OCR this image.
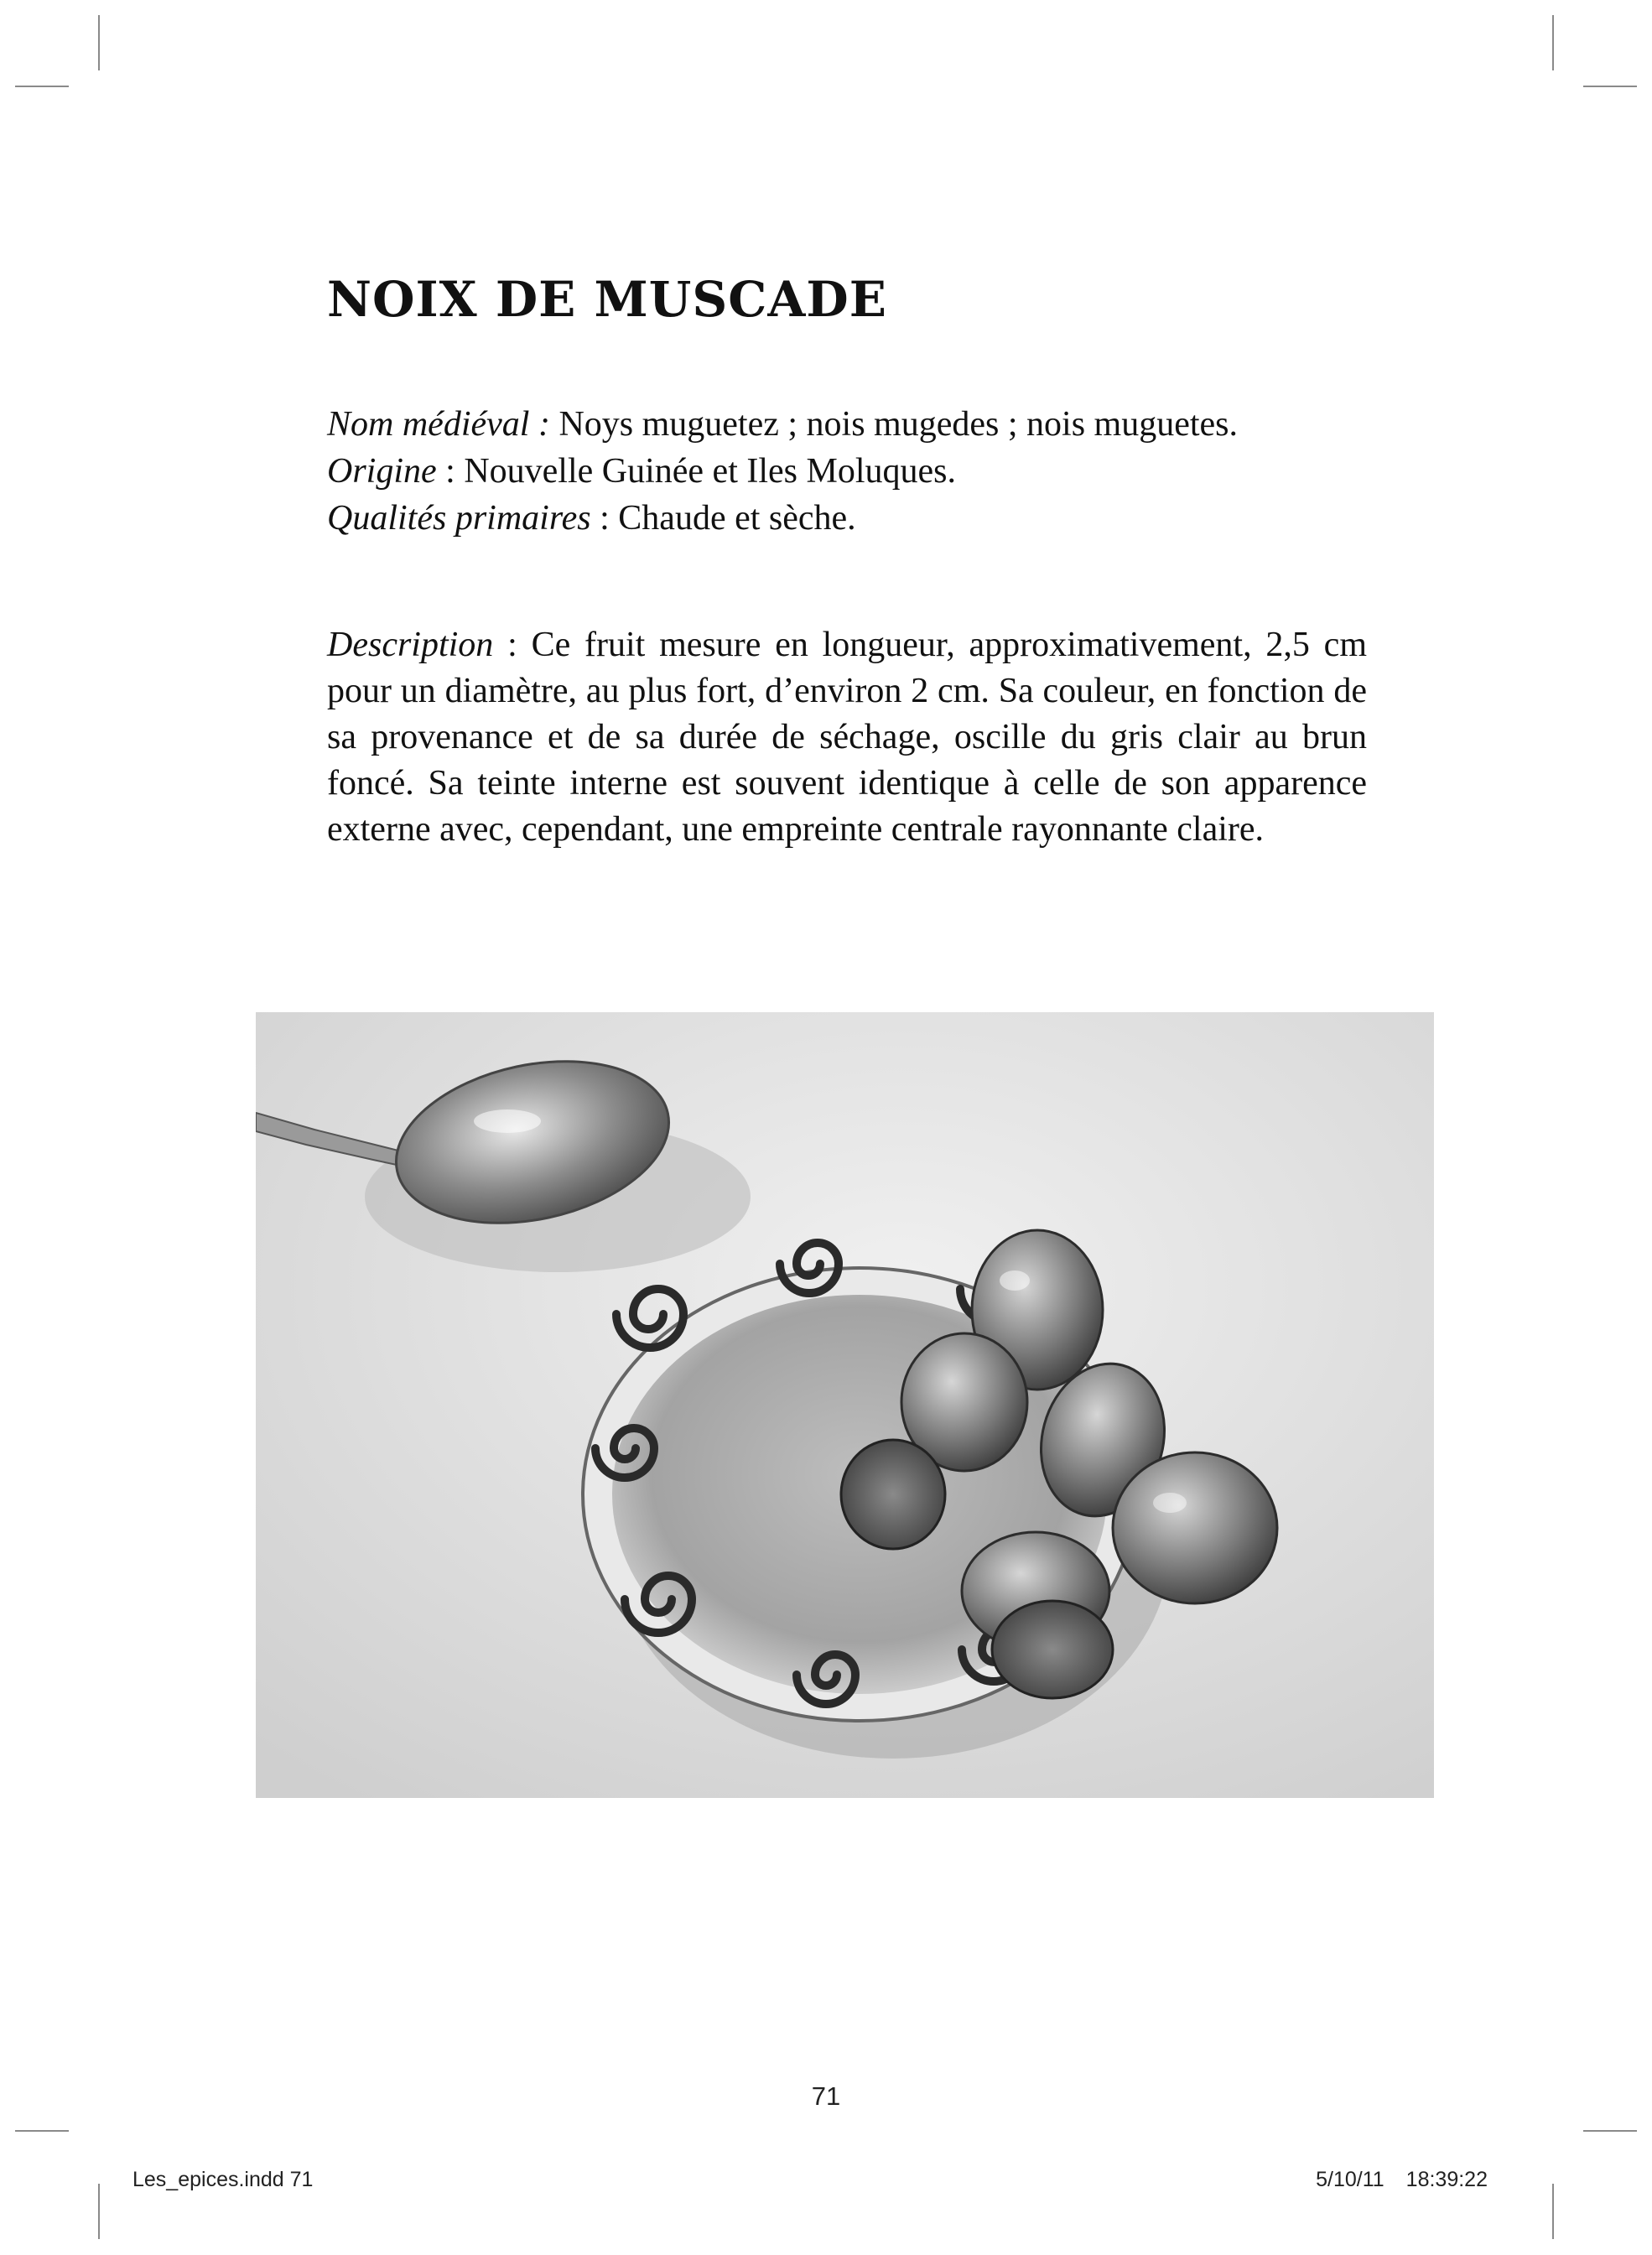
NOIX DE MUSCADE
Nom médiéval : Noys muguetez ; nois mugedes ; nois muguetes.
Origine : Nouvelle Guinée et Iles Moluques.
Qualités primaires : Chaude et sèche.

Description : Ce fruit mesure en longueur, approximativement, 2,5 cm pour un diamètre, au plus fort, d’environ 2 cm. Sa couleur, en fonction de sa provenance et de sa durée de séchage, oscille du gris clair au brun foncé. Sa teinte interne est souvent identique à celle de son apparence externe avec, cependant, une empreinte centrale rayonnante claire.

71
Les_epices.indd 71	5/10/11 18:39:22
